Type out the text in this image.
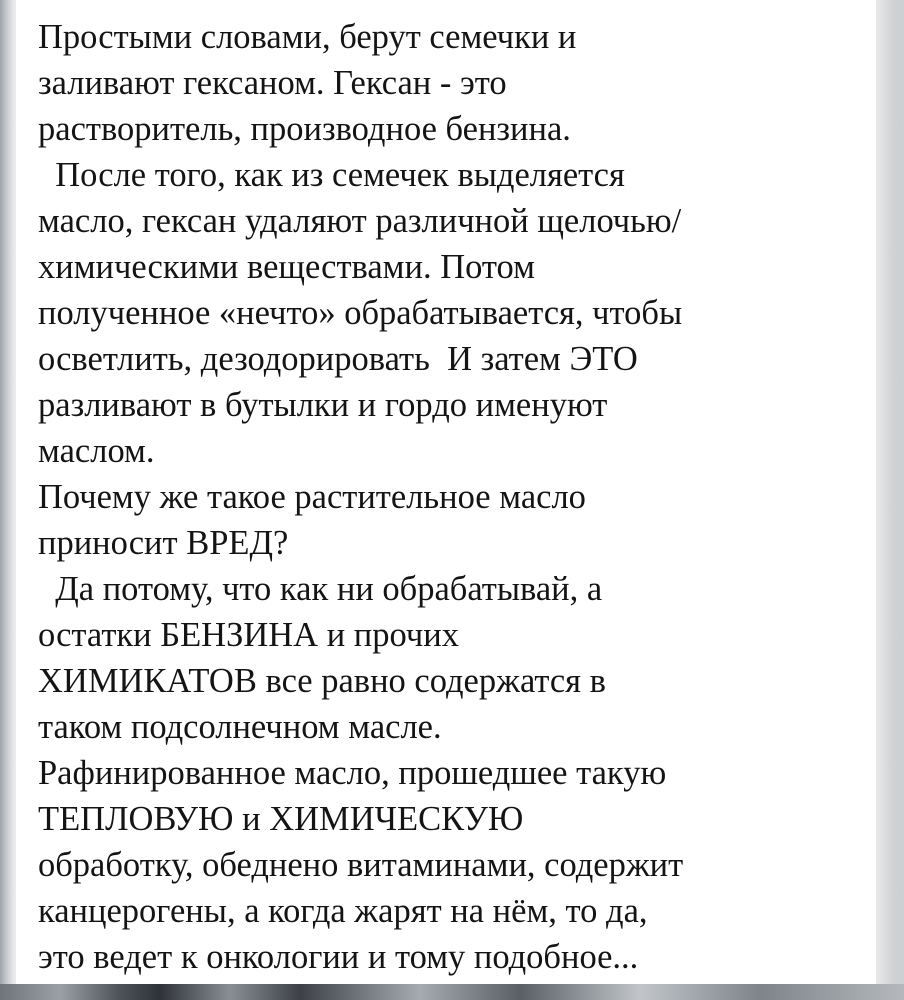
Простыми словами, берут семечки и
заливают гексаном. Гексан - это
растворитель, производное бензина.
После того, как из семечек выделяется
масло, гексан удаляют различной щелочью/
химическими веществами. Потом
полученное «нечто» обрабатывается, чтобы
осветлить, дезодорировать  И затем ЭТО
разливают в бутылки и гордо именуют
маслом.
Почему же такое растительное масло
приносит ВРЕД?
Да потому, что как ни обрабатывай, а
остатки БЕНЗИНА и прочих
ХИМИКАТОВ все равно содержатся в
таком подсолнечном масле.
Рафинированное масло, прошедшее такую
ТЕПЛОВУЮ и ХИМИЧЕСКУЮ
обработку, обеднено витаминами, содержит
канцерогены, а когда жарят на нём, то да,
это ведет к онкологии и тому подобное...
